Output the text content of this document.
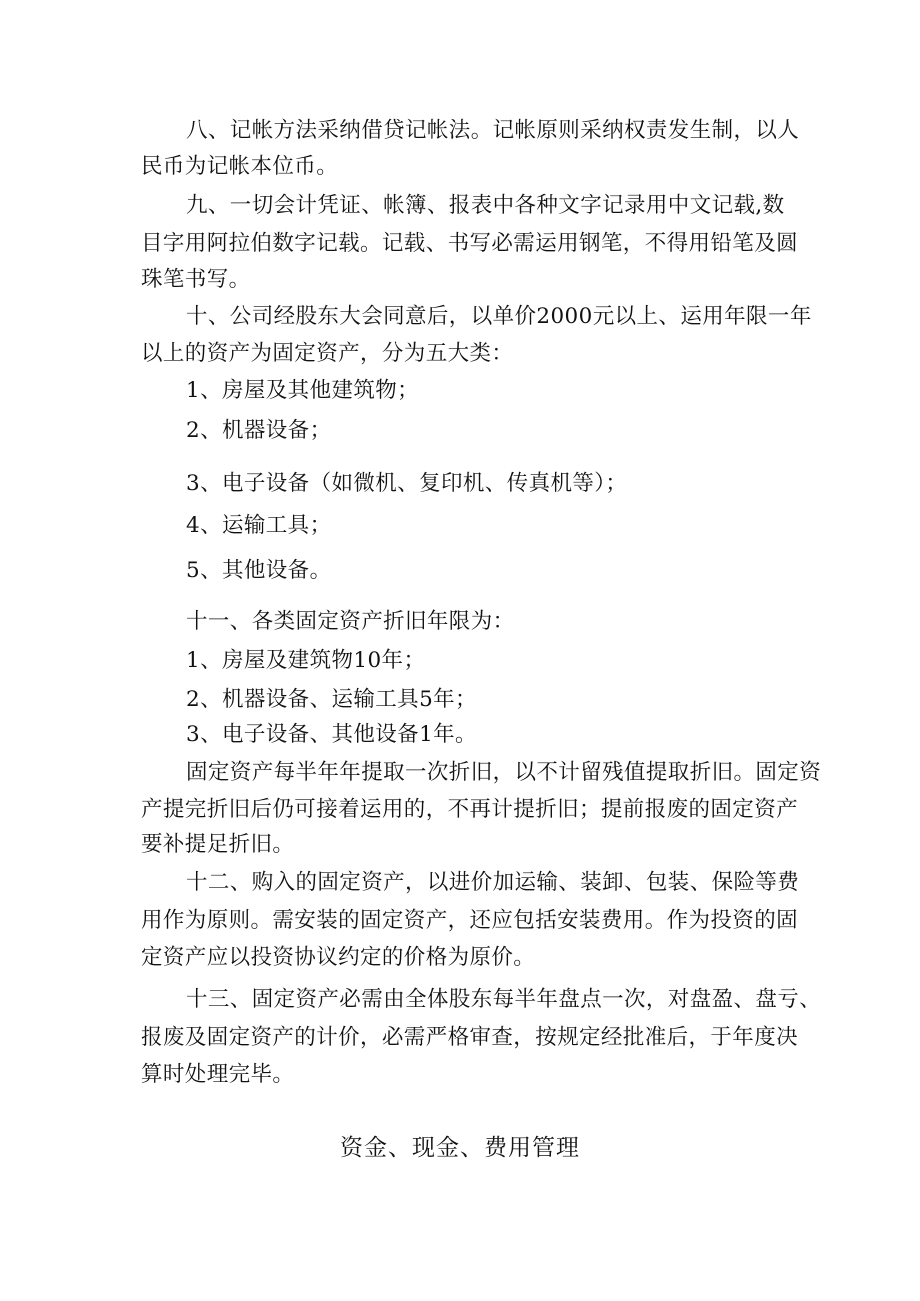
八、记帐方法采纳借贷记帐法。记帐原则采纳权责发生制，以人
民币为记帐本位币。
九、一切会计凭证、帐簿、报表中各种文字记录用中文记载,数
目字用阿拉伯数字记载。记载、书写必需运用钢笔，不得用铅笔及圆
珠笔书写。
十、公司经股东大会同意后，以单价2000元以上、运用年限一年
以上的资产为固定资产，分为五大类：
1、房屋及其他建筑物；
2、机器设备；
3、电子设备（如微机、复印机、传真机等）；
4、运输工具；
5、其他设备。
十一、各类固定资产折旧年限为：
1、房屋及建筑物10年；
2、机器设备、运输工具5年；
3、电子设备、其他设备1年。
固定资产每半年年提取一次折旧，以不计留残值提取折旧。固定资
产提完折旧后仍可接着运用的，不再计提折旧；提前报废的固定资产
要补提足折旧。
十二、购入的固定资产，以进价加运输、装卸、包装、保险等费
用作为原则。需安装的固定资产，还应包括安装费用。作为投资的固
定资产应以投资协议约定的价格为原价。
十三、固定资产必需由全体股东每半年盘点一次，对盘盈、盘亏、
报废及固定资产的计价，必需严格审查，按规定经批准后，于年度决
算时处理完毕。
资金、现金、费用管理
